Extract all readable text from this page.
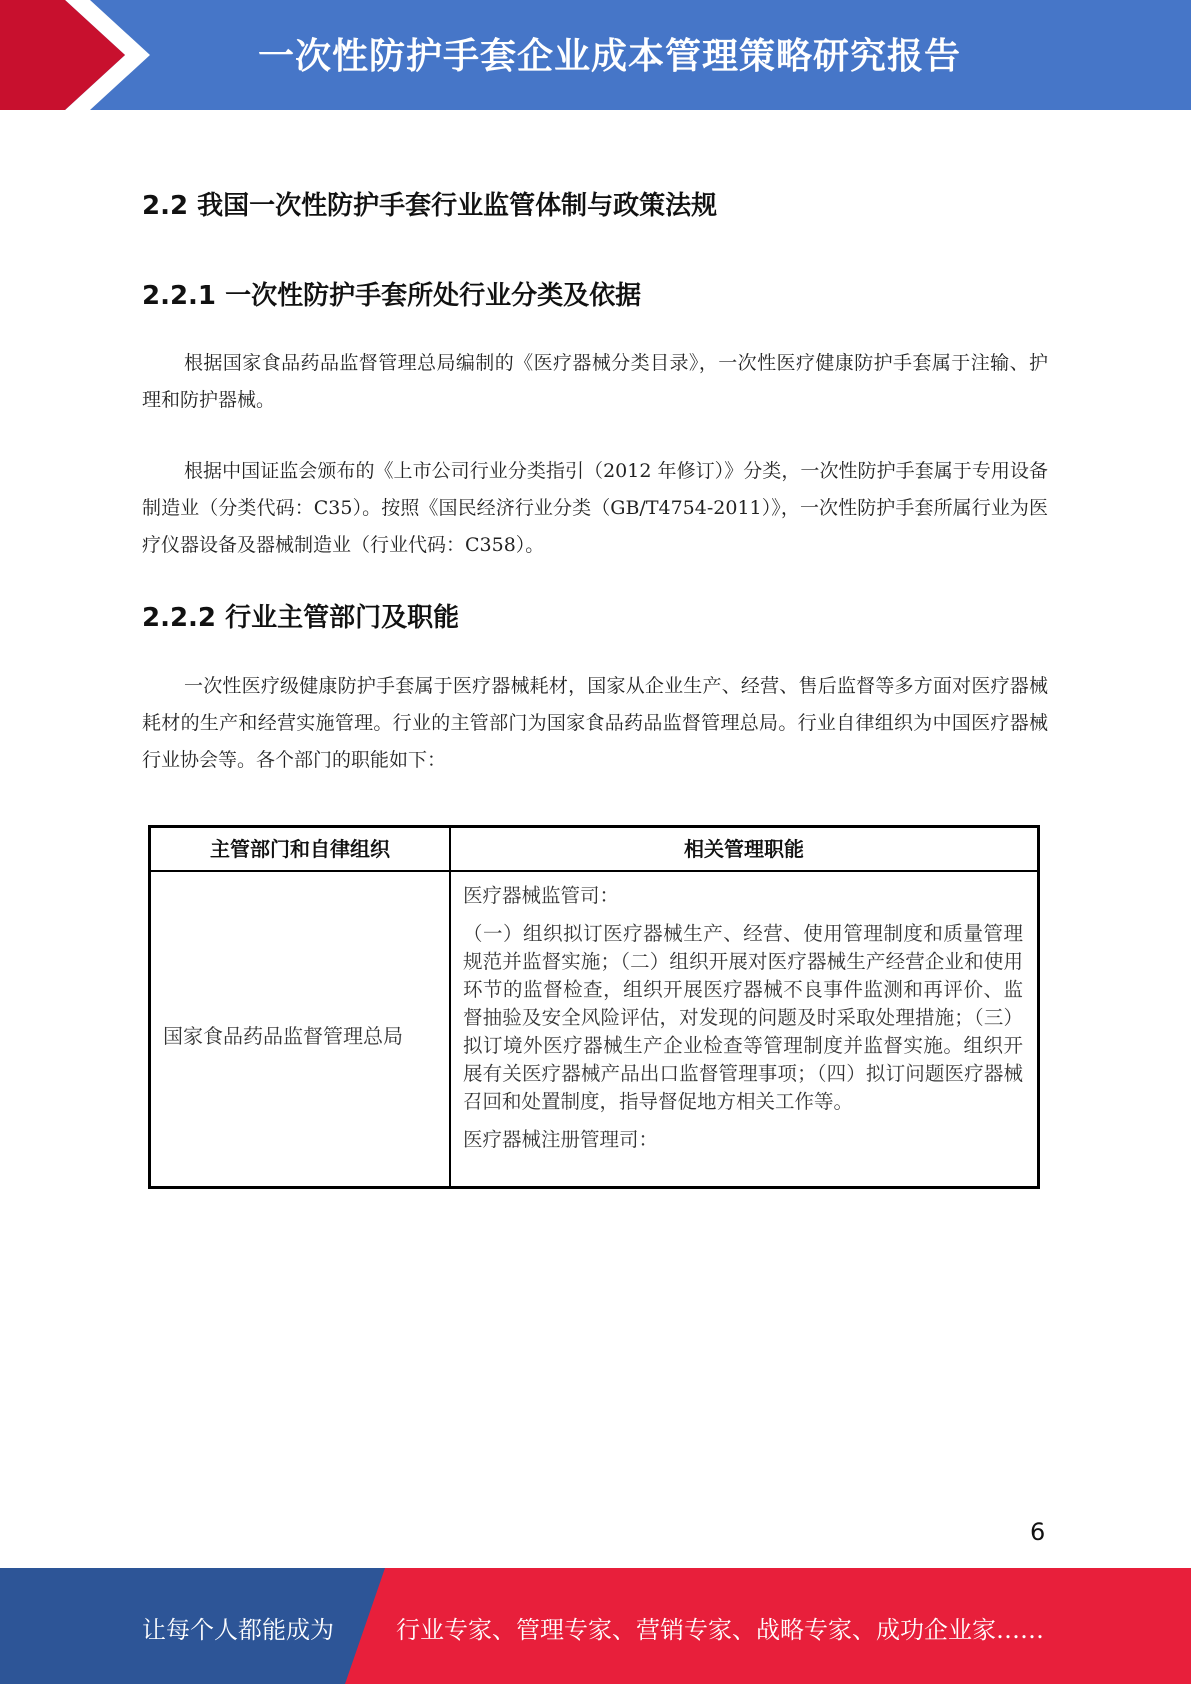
一次性防护手套企业成本管理策略研究报告
2.2 我国一次性防护手套行业监管体制与政策法规
2.2.1 一次性防护手套所处行业分类及依据
根据国家食品药品监督管理总局编制的《医疗器械分类目录》，一次性医疗健康防护手套属于注输、护理和防护器械。
根据中国证监会颁布的《上市公司行业分类指引（2012 年修订）》分类，一次性防护手套属于专用设备制造业（分类代码：C35）。按照《国民经济行业分类（GB/T4754-2011）》，一次性防护手套所属行业为医疗仪器设备及器械制造业（行业代码：C358）。
2.2.2 行业主管部门及职能
一次性医疗级健康防护手套属于医疗器械耗材，国家从企业生产、经营、售后监督等多方面对医疗器械耗材的生产和经营实施管理。行业的主管部门为国家食品药品监督管理总局。行业自律组织为中国医疗器械行业协会等。各个部门的职能如下：
主管部门和自律组织	相关管理职能
国家食品药品监督管理总局

医疗器械监管司：

（一）组织拟订医疗器械生产、经营、使用管理制度和质量管理规范并监督实施；（二）组织开展对医疗器械生产经营企业和使用环节的监督检查，组织开展医疗器械不良事件监测和再评价、监督抽验及安全风险评估，对发现的问题及时采取处理措施；（三）拟订境外医疗器械生产企业检查等管理制度并监督实施。组织开展有关医疗器械产品出口监督管理事项；（四）拟订问题医疗器械召回和处置制度，指导督促地方相关工作等。

医疗器械注册管理司：

6
让每个人都能成为	行业专家、管理专家、营销专家、战略专家、成功企业家……
